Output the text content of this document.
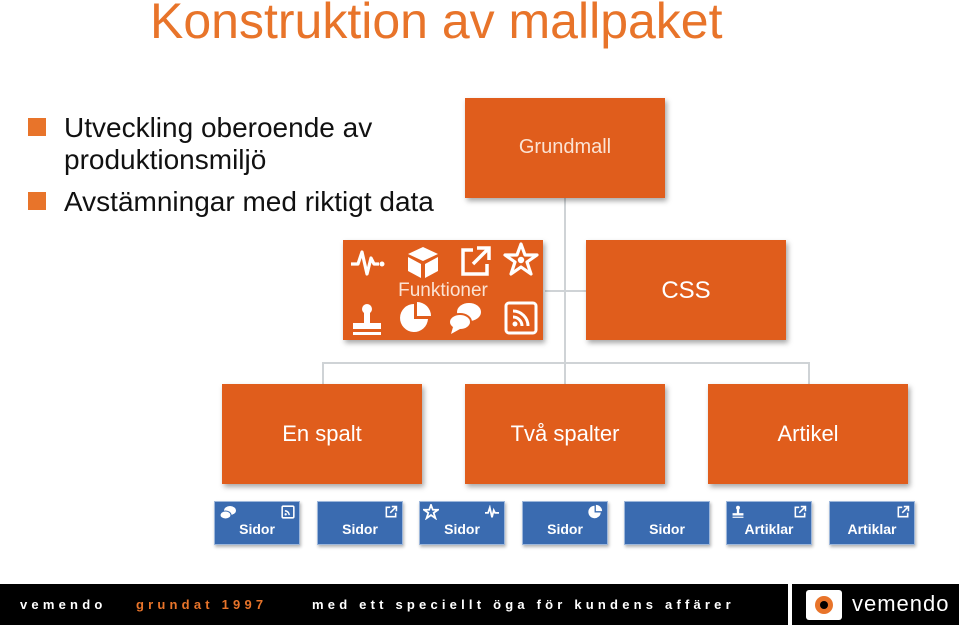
Konstruktion av mallpaket
Utveckling oberoende av produktionsmiljö
Avstämningar med riktigt data
Grundmall
Funktioner	CSS
En spalt	Två spalter	Artikel
Sidor	Sidor	Sidor	Sidor	Sidor	Artiklar	Artiklar
vemendo grundat 1997	med ett speciellt öga för kundens affärer	vemendo
